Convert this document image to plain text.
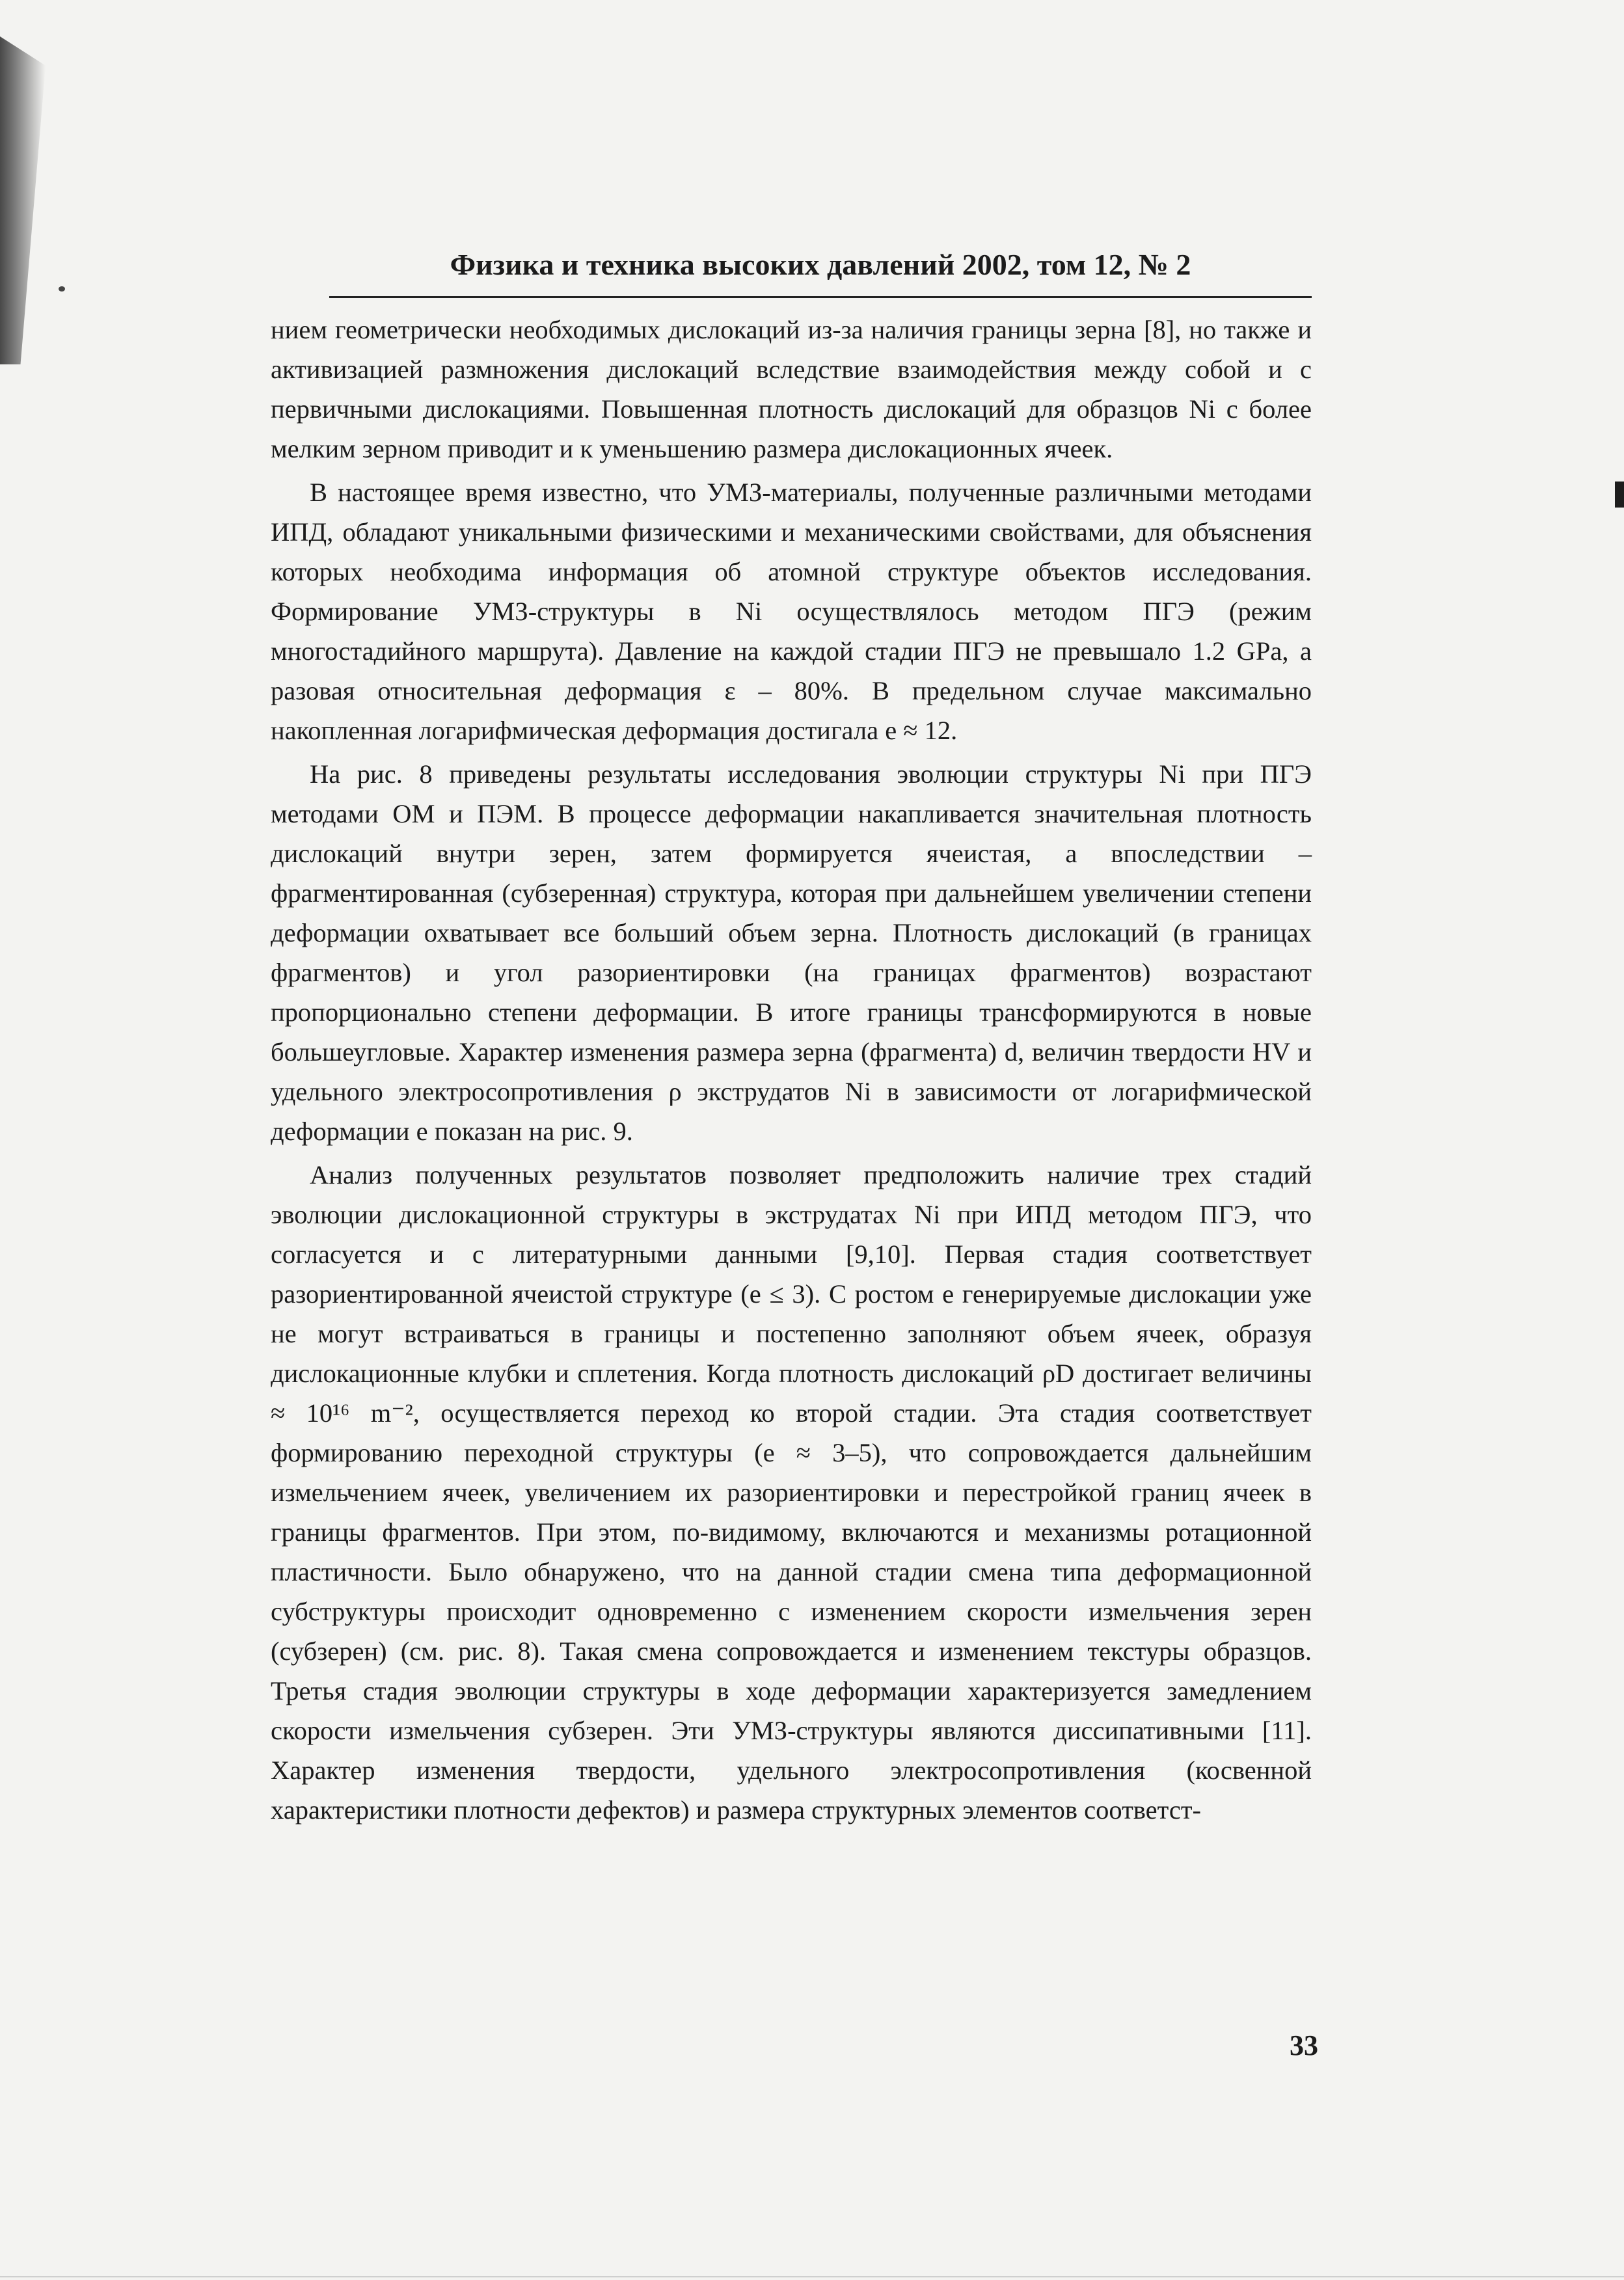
Физика и техника высоких давлений 2002, том 12, № 2

нием геометрически необходимых дислокаций из-за наличия границы зерна [8], но также и активизацией размножения дислокаций вследствие взаимодействия между собой и с первичными дислокациями. Повышенная плотность дислокаций для образцов Ni с более мелким зерном приводит и к уменьшению размера дислокационных ячеек.

В настоящее время известно, что УМЗ-материалы, полученные различными методами ИПД, обладают уникальными физическими и механическими свойствами, для объяснения которых необходима информация об атомной структуре объектов исследования. Формирование УМЗ-структуры в Ni осуществлялось методом ПГЭ (режим многостадийного маршрута). Давление на каждой стадии ПГЭ не превышало 1.2 GPa, а разовая относительная деформация ε – 80%. В предельном случае максимально накопленная логарифмическая деформация достигала e ≈ 12.

На рис. 8 приведены результаты исследования эволюции структуры Ni при ПГЭ методами ОМ и ПЭМ. В процессе деформации накапливается значительная плотность дислокаций внутри зерен, затем формируется ячеистая, а впоследствии – фрагментированная (субзеренная) структура, которая при дальнейшем увеличении степени деформации охватывает все больший объем зерна. Плотность дислокаций (в границах фрагментов) и угол разориентировки (на границах фрагментов) возрастают пропорционально степени деформации. В итоге границы трансформируются в новые большеугловые. Характер изменения размера зерна (фрагмента) d, величин твердости HV и удельного электросопротивления ρ экструдатов Ni в зависимости от логарифмической деформации e показан на рис. 9.

Анализ полученных результатов позволяет предположить наличие трех стадий эволюции дислокационной структуры в экструдатах Ni при ИПД методом ПГЭ, что согласуется и с литературными данными [9,10]. Первая стадия соответствует разориентированной ячеистой структуре (e ≤ 3). С ростом e генерируемые дислокации уже не могут встраиваться в границы и постепенно заполняют объем ячеек, образуя дислокационные клубки и сплетения. Когда плотность дислокаций ρD достигает величины ≈ 10¹⁶ m⁻², осуществляется переход ко второй стадии. Эта стадия соответствует формированию переходной структуры (e ≈ 3–5), что сопровождается дальнейшим измельчением ячеек, увеличением их разориентировки и перестройкой границ ячеек в границы фрагментов. При этом, по-видимому, включаются и механизмы ротационной пластичности. Было обнаружено, что на данной стадии смена типа деформационной субструктуры происходит одновременно с изменением скорости измельчения зерен (субзерен) (см. рис. 8). Такая смена сопровождается и изменением текстуры образцов. Третья стадия эволюции структуры в ходе деформации характеризуется замедлением скорости измельчения субзерен. Эти УМЗ-структуры являются диссипативными [11]. Характер изменения твердости, удельного электросопротивления (косвенной характеристики плотности дефектов) и размера структурных элементов соответст-

33
